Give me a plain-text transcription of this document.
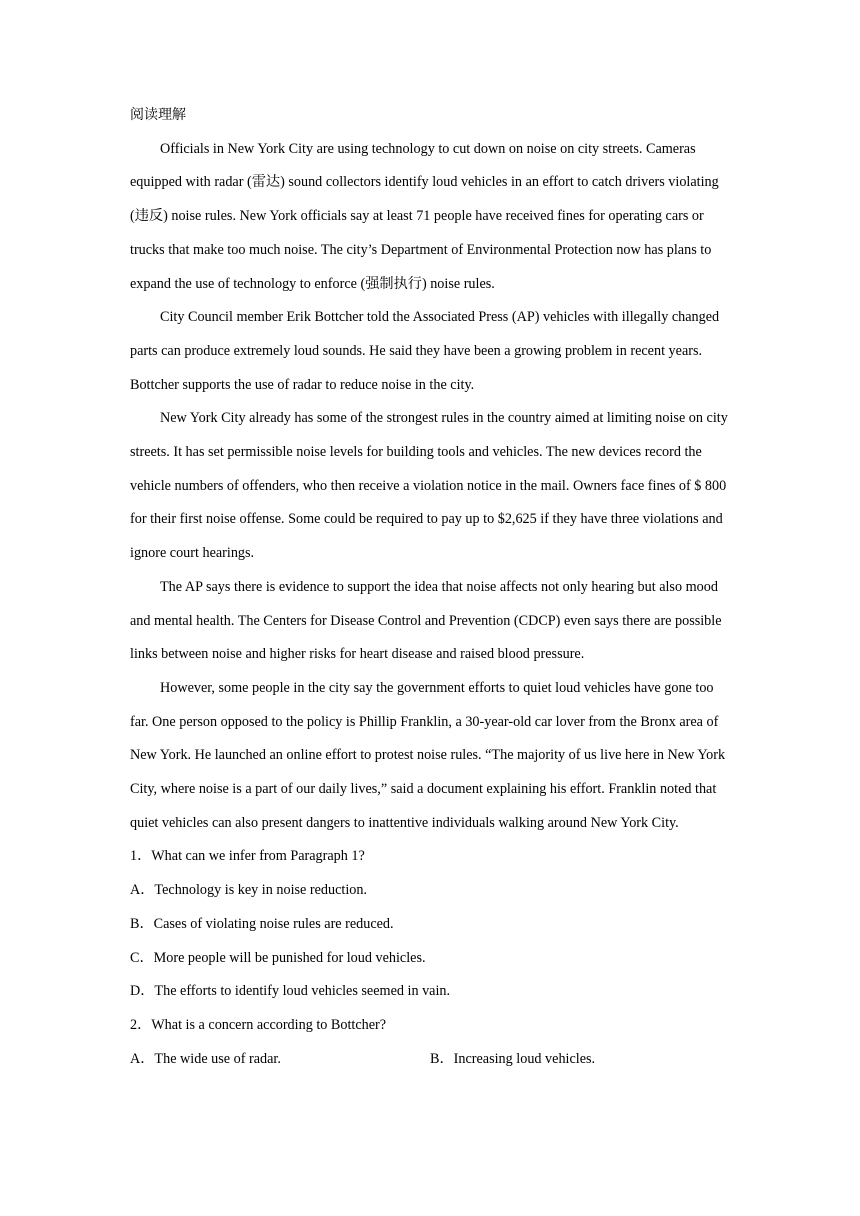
阅读理解

Officials in New York City are using technology to cut down on noise on city streets. Cameras equipped with radar (雷达) sound collectors identify loud vehicles in an effort to catch drivers violating (违反) noise rules. New York officials say at least 71 people have received fines for operating cars or trucks that make too much noise. The city’s Department of Environmental Protection now has plans to expand the use of technology to enforce (强制执行) noise rules.

City Council member Erik Bottcher told the Associated Press (AP) vehicles with illegally changed parts can produce extremely loud sounds. He said they have been a growing problem in recent years. Bottcher supports the use of radar to reduce noise in the city.

New York City already has some of the strongest rules in the country aimed at limiting noise on city streets. It has set permissible noise levels for building tools and vehicles. The new devices record the vehicle numbers of offenders, who then receive a violation notice in the mail. Owners face fines of $ 800 for their first noise offense. Some could be required to pay up to $2,625 if they have three violations and ignore court hearings.

The AP says there is evidence to support the idea that noise affects not only hearing but also mood and mental health. The Centers for Disease Control and Prevention (CDCP) even says there are possible links between noise and higher risks for heart disease and raised blood pressure.

However, some people in the city say the government efforts to quiet loud vehicles have gone too far. One person opposed to the policy is Phillip Franklin, a 30-year-old car lover from the Bronx area of New York. He launched an online effort to protest noise rules. “The majority of us live here in New York City, where noise is a part of our daily lives,” said a document explaining his effort. Franklin noted that quiet vehicles can also present dangers to inattentive individuals walking around New York City.

1．What can we infer from Paragraph 1?

A．Technology is key in noise reduction.

B．Cases of violating noise rules are reduced.

C．More people will be punished for loud vehicles.

D．The efforts to identify loud vehicles seemed in vain.

2．What is a concern according to Bottcher?

A．The wide use of radar.	B．Increasing loud vehicles.
